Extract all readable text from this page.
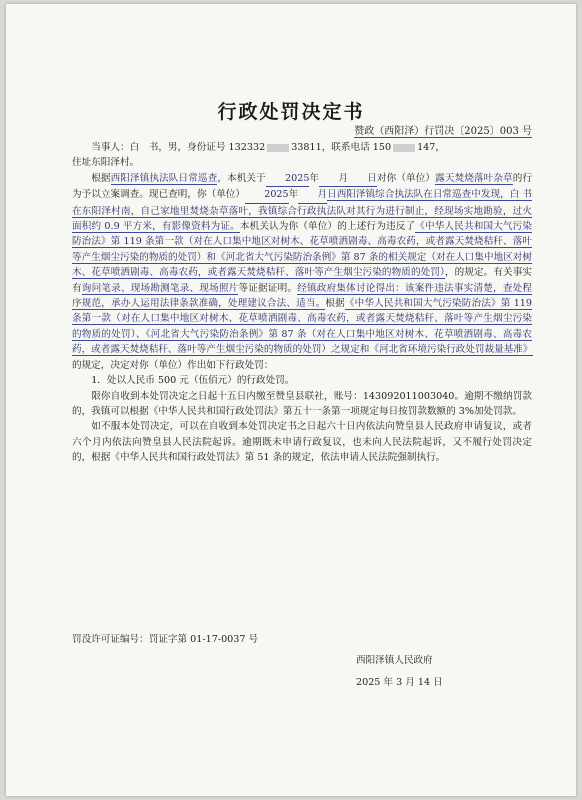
行政处罚决定书
赞政（西阳泽）行罚决〔2025〕003 号

当事人：白　书，男，身份证号 132332	33811，联系电话 150	147，

住址东阳泽村。

根据西阳泽镇执法队日常巡查，本机关于 2025年 月 日对你（单位）露天焚烧落叶杂草的行为予以立案调查。现已查明，你（单位） 2025年 月日西阳泽镇综合执法队在日常巡查中发现，白 书在东阳泽村南，自己家地里焚烧杂草落叶，我镇综合行政执法队对其行为进行制止，经现场实地勘验，过火面积约 0.9 平方米，有影像资料为证。本机关认为你（单位）的上述行为违反了《中华人民共和国大气污染防治法》第 119 条第一款（对在人口集中地区对树木、花草喷洒剧毒、高毒农药，或者露天焚烧秸秆、落叶等产生烟尘污染的物质的处罚）和《河北省大气污染防治条例》第 87 条的相关规定（对在人口集中地区对树木、花草喷洒剧毒、高毒农药，或者露天焚烧秸秆、落叶等产生烟尘污染的物质的处罚），的规定。有关事实有询问笔录、现场勘测笔录、现场照片等证据证明。经镇政府集体讨论得出：该案件违法事实清楚，查处程序规范，承办人运用法律条款准确，处理建议合法、适当。根据《中华人民共和国大气污染防治法》第 119 条第一款（对在人口集中地区对树木、花草喷洒剧毒、高毒农药，或者露天焚烧秸秆、落叶等产生烟尘污染的物质的处罚）、《河北省大气污染防治条例》第 87 条（对在人口集中地区对树木、花草喷洒剧毒、高毒农药，或者露天焚烧秸秆、落叶等产生烟尘污染的物质的处罚）之规定和《河北省环境污染行政处罚裁量基准》的规定，决定对你（单位）作出如下行政处罚：

1．处以人民币 500 元（伍佰元）的行政处罚。

限你自收到本处罚决定之日起十五日内缴至赞皇县联社，账号：143092011003040。逾期不缴纳罚款的，我镇可以根据《中华人民共和国行政处罚法》第五十一条第一项规定每日按罚款数额的 3%加处罚款。

如不服本处罚决定，可以在自收到本处罚决定书之日起六十日内依法向赞皇县人民政府申请复议，或者六个月内依法向赞皇县人民法院起诉。逾期既未申请行政复议，也未向人民法院起诉，又不履行处罚决定的，根据《中华人民共和国行政处罚法》第 51 条的规定，依法申请人民法院强制执行。

罚没许可证编号：罚证字第 01-17-0037 号
西阳泽镇人民政府
2025 年 3 月 14 日
